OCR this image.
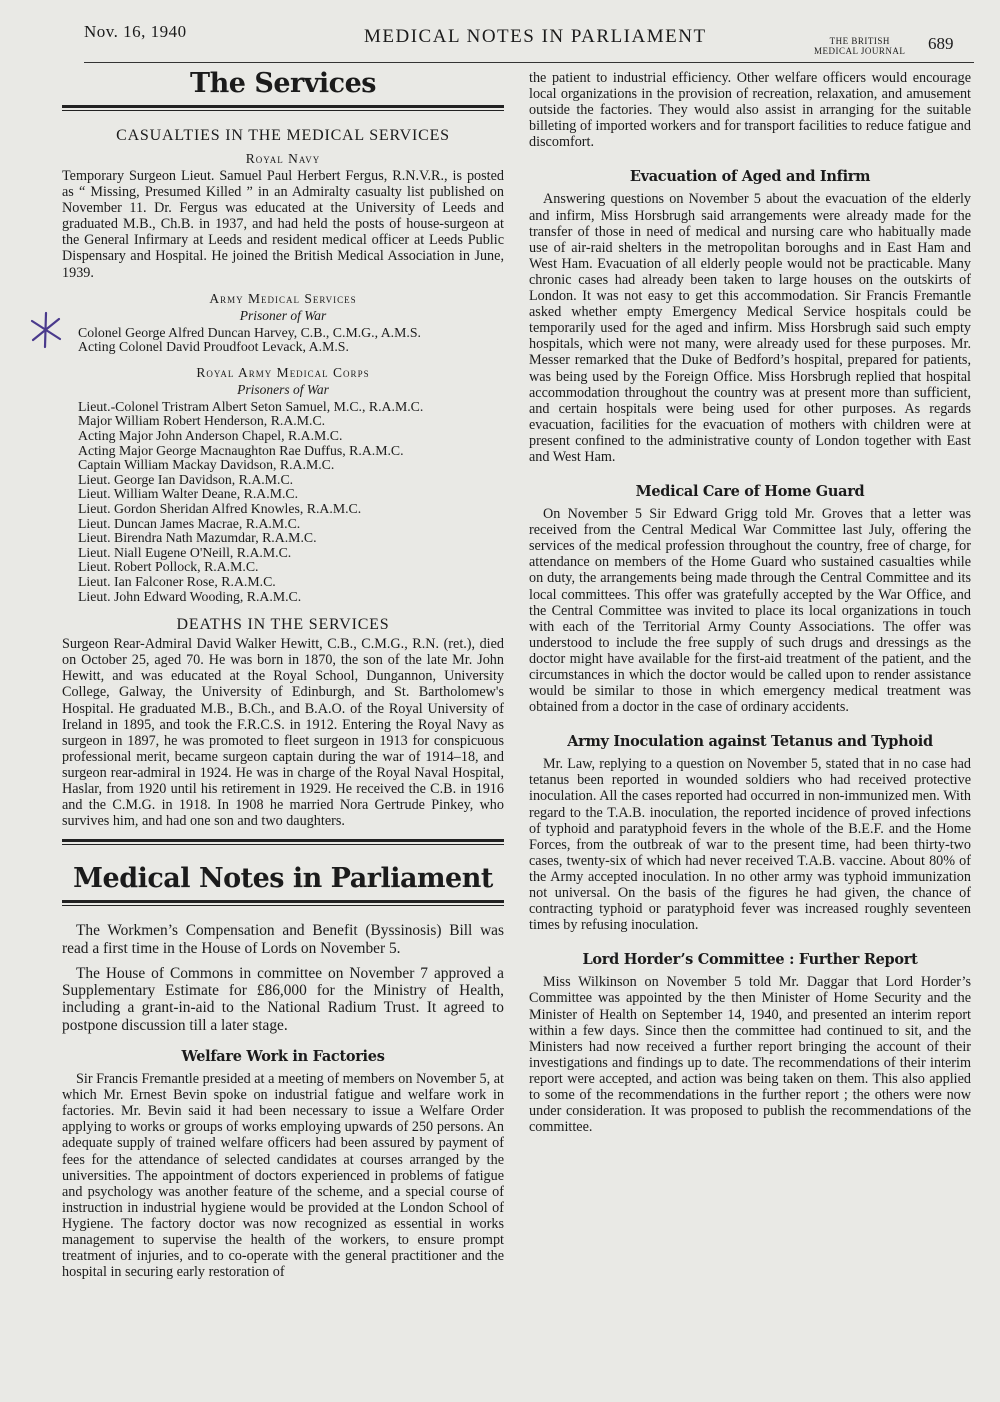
Nov. 16, 1940	MEDICAL NOTES IN PARLIAMENT	THE BRITISH
MEDICAL JOURNAL 689
The Services
CASUALTIES IN THE MEDICAL SERVICES
Royal Navy

Temporary Surgeon Lieut. Samuel Paul Herbert Fergus, R.N.V.R., is posted as “ Missing, Presumed Killed ” in an Admiralty casualty list published on November 11. Dr. Fergus was educated at the University of Leeds and graduated M.B., Ch.B. in 1937, and had held the posts of house-surgeon at the General Infirmary at Leeds and resident medical officer at Leeds Public Dispensary and Hospital. He joined the British Medical Association in June, 1939.

Army Medical Services
Prisoner of War
Colonel George Alfred Duncan Harvey, C.B., C.M.G., A.M.S.
Acting Colonel David Proudfoot Levack, A.M.S.
Royal Army Medical Corps
Prisoners of War
Lieut.-Colonel Tristram Albert Seton Samuel, M.C., R.A.M.C.
Major William Robert Henderson, R.A.M.C.
Acting Major John Anderson Chapel, R.A.M.C.
Acting Major George Macnaughton Rae Duffus, R.A.M.C.
Captain William Mackay Davidson, R.A.M.C.
Lieut. George Ian Davidson, R.A.M.C.
Lieut. William Walter Deane, R.A.M.C.
Lieut. Gordon Sheridan Alfred Knowles, R.A.M.C.
Lieut. Duncan James Macrae, R.A.M.C.
Lieut. Birendra Nath Mazumdar, R.A.M.C.
Lieut. Niall Eugene O'Neill, R.A.M.C.
Lieut. Robert Pollock, R.A.M.C.
Lieut. Ian Falconer Rose, R.A.M.C.
Lieut. John Edward Wooding, R.A.M.C.
DEATHS IN THE SERVICES

Surgeon Rear-Admiral David Walker Hewitt, C.B., C.M.G., R.N. (ret.), died on October 25, aged 70. He was born in 1870, the son of the late Mr. John Hewitt, and was educated at the Royal School, Dungannon, University College, Galway, the University of Edinburgh, and St. Bartholomew's Hospital. He graduated M.B., B.Ch., and B.A.O. of the Royal University of Ireland in 1895, and took the F.R.C.S. in 1912. Entering the Royal Navy as surgeon in 1897, he was promoted to fleet surgeon in 1913 for conspicuous professional merit, became surgeon captain during the war of 1914–18, and surgeon rear-admiral in 1924. He was in charge of the Royal Naval Hospital, Haslar, from 1920 until his retirement in 1929. He received the C.B. in 1916 and the C.M.G. in 1918. In 1908 he married Nora Gertrude Pinkey, who survives him, and had one son and two daughters.

Medical Notes in Parliament

The Workmen’s Compensation and Benefit (Byssinosis) Bill was read a first time in the House of Lords on November 5.

The House of Commons in committee on November 7 approved a Supplementary Estimate for £86,000 for the Ministry of Health, including a grant-in-aid to the National Radium Trust. It agreed to postpone discussion till a later stage.

Welfare Work in Factories

Sir Francis Fremantle presided at a meeting of members on November 5, at which Mr. Ernest Bevin spoke on industrial fatigue and welfare work in factories. Mr. Bevin said it had been necessary to issue a Welfare Order applying to works or groups of works employing upwards of 250 persons. An adequate supply of trained welfare officers had been assured by payment of fees for the attendance of selected candidates at courses arranged by the universities. The appointment of doctors experienced in problems of fatigue and psychology was another feature of the scheme, and a special course of instruction in industrial hygiene would be provided at the London School of Hygiene. The factory doctor was now recognized as essential in works management to supervise the health of the workers, to ensure prompt treatment of injuries, and to co-operate with the general practitioner and the hospital in securing early restoration of

the patient to industrial efficiency. Other welfare officers would encourage local organizations in the provision of recreation, relaxation, and amusement outside the factories. They would also assist in arranging for the suitable billeting of imported workers and for transport facilities to reduce fatigue and discomfort.

Evacuation of Aged and Infirm

Answering questions on November 5 about the evacuation of the elderly and infirm, Miss Horsbrugh said arrangements were already made for the transfer of those in need of medical and nursing care who habitually made use of air-raid shelters in the metropolitan boroughs and in East Ham and West Ham. Evacuation of all elderly people would not be practicable. Many chronic cases had already been taken to large houses on the outskirts of London. It was not easy to get this accommodation. Sir Francis Fremantle asked whether empty Emergency Medical Service hospitals could be temporarily used for the aged and infirm. Miss Horsbrugh said such empty hospitals, which were not many, were already used for these purposes. Mr. Messer remarked that the Duke of Bedford’s hospital, prepared for patients, was being used by the Foreign Office. Miss Horsbrugh replied that hospital accommodation throughout the country was at present more than sufficient, and certain hospitals were being used for other purposes. As regards evacuation, facilities for the evacuation of mothers with children were at present confined to the administrative county of London together with East and West Ham.

Medical Care of Home Guard

On November 5 Sir Edward Grigg told Mr. Groves that a letter was received from the Central Medical War Committee last July, offering the services of the medical profession throughout the country, free of charge, for attendance on members of the Home Guard who sustained casualties while on duty, the arrangements being made through the Central Committee and its local committees. This offer was gratefully accepted by the War Office, and the Central Committee was invited to place its local organizations in touch with each of the Territorial Army County Associations. The offer was understood to include the free supply of such drugs and dressings as the doctor might have available for the first-aid treatment of the patient, and the circumstances in which the doctor would be called upon to render assistance would be similar to those in which emergency medical treatment was obtained from a doctor in the case of ordinary accidents.

Army Inoculation against Tetanus and Typhoid

Mr. Law, replying to a question on November 5, stated that in no case had tetanus been reported in wounded soldiers who had received protective inoculation. All the cases reported had occurred in non-immunized men. With regard to the T.A.B. inoculation, the reported incidence of proved infections of typhoid and paratyphoid fevers in the whole of the B.E.F. and the Home Forces, from the outbreak of war to the present time, had been thirty-two cases, twenty-six of which had never received T.A.B. vaccine. About 80% of the Army accepted inoculation. In no other army was typhoid immunization not universal. On the basis of the figures he had given, the chance of contracting typhoid or paratyphoid fever was increased roughly seventeen times by refusing inoculation.

Lord Horder’s Committee : Further Report

Miss Wilkinson on November 5 told Mr. Daggar that Lord Horder’s Committee was appointed by the then Minister of Home Security and the Minister of Health on September 14, 1940, and presented an interim report within a few days. Since then the committee had continued to sit, and the Ministers had now received a further report bringing the account of their investigations and findings up to date. The recommendations of their interim report were accepted, and action was being taken on them. This also applied to some of the recommendations in the further report ; the others were now under consideration. It was proposed to publish the recommendations of the committee.
